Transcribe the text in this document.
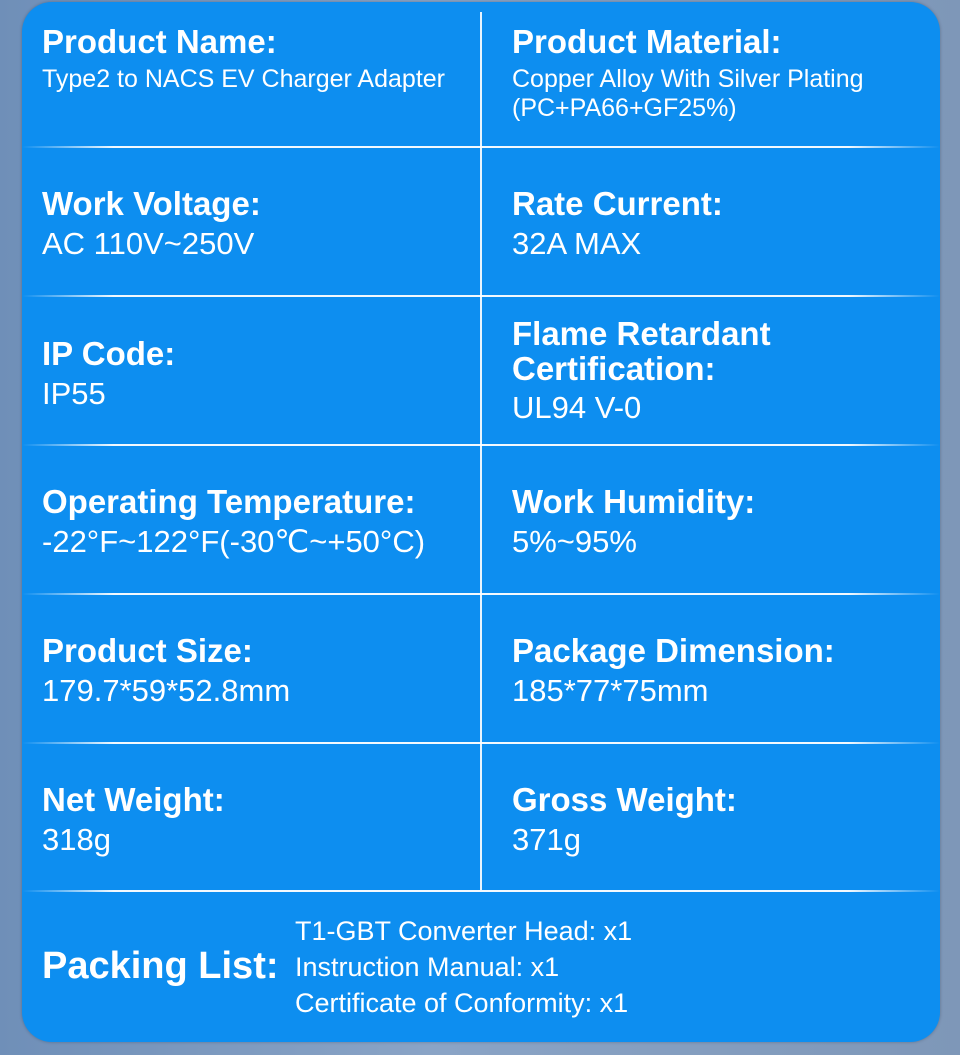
Product Name:

Type2 to NACS EV Charger Adapter

Product Material:

Copper Alloy With Silver Plating
(PC+PA66+GF25%)

Work Voltage:

AC 110V~250V

Rate Current:

32A MAX

IP Code:

IP55

Flame Retardant
Certification:

UL94 V-0

Operating Temperature:

-22°F~122°F(-30℃~+50°C)

Work Humidity:

5%~95%

Product Size:

179.7*59*52.8mm

Package Dimension:

185*77*75mm

Net Weight:

318g

Gross Weight:

371g

Packing List:

T1-GBT Converter Head: x1
Instruction Manual: x1
Certificate of Conformity: x1
